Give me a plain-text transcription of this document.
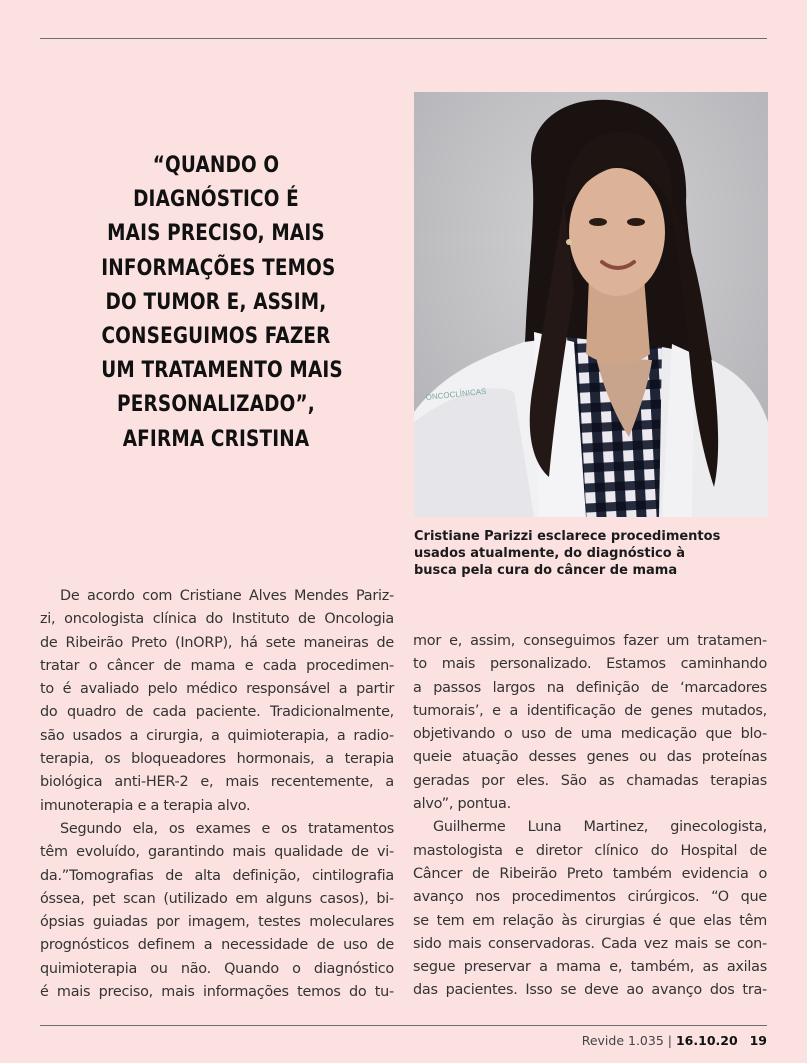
“QUANDO O
DIAGNÓSTICO É
MAIS PRECISO, MAIS
INFORMAÇÕES TEMOS
DO TUMOR E, ASSIM,
CONSEGUIMOS FAZER
UM TRATAMENTO MAIS
PERSONALIZADO”,
AFIRMA CRISTINA
ONCOCLÍNICAS
Cristiane Parizzi esclarece procedimentos
usados atualmente, do diagnóstico à
busca pela cura do câncer de mama
De acordo com Cristiane Alves Mendes Pariz-
zi, oncologista clínica do Instituto de Oncologia
de Ribeirão Preto (InORP), há sete maneiras de
tratar o câncer de mama e cada procedimen-
to é avaliado pelo médico responsável a partir
do quadro de cada paciente. Tradicionalmente,
são usados a cirurgia, a quimioterapia, a radio-
terapia, os bloqueadores hormonais, a terapia
biológica anti-HER-2 e, mais recentemente, a
imunoterapia e a terapia alvo.
Segundo ela, os exames e os tratamentos
têm evoluído, garantindo mais qualidade de vi-
da.”Tomografias de alta definição, cintilografia
óssea, pet scan (utilizado em alguns casos), bi-
ópsias guiadas por imagem, testes moleculares
prognósticos definem a necessidade de uso de
quimioterapia ou não. Quando o diagnóstico
é mais preciso, mais informações temos do tu-
mor e, assim, conseguimos fazer um tratamen-
to mais personalizado. Estamos caminhando
a passos largos na definição de ‘marcadores
tumorais’, e a identificação de genes mutados,
objetivando o uso de uma medicação que blo-
queie atuação desses genes ou das proteínas
geradas por eles. São as chamadas terapias
alvo”, pontua.
Guilherme Luna Martinez, ginecologista,
mastologista e diretor clínico do Hospital de
Câncer de Ribeirão Preto também evidencia o
avanço nos procedimentos cirúrgicos. “O que
se tem em relação às cirurgias é que elas têm
sido mais conservadoras. Cada vez mais se con-
segue preservar a mama e, também, as axilas
das pacientes. Isso se deve ao avanço dos tra-
Revide 1.035 | 16.10.20 19
